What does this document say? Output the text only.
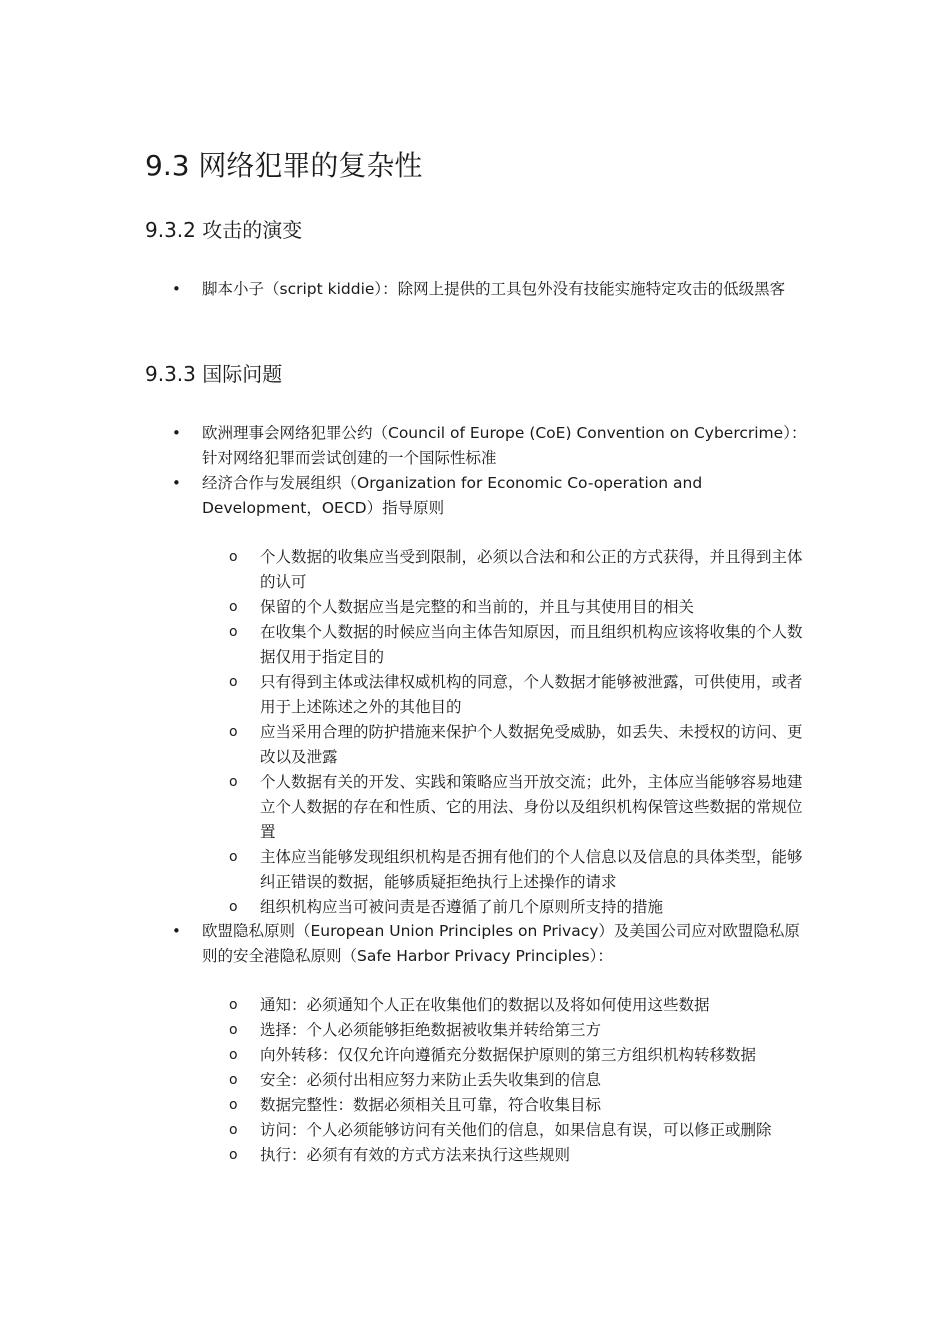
9.3 网络犯罪的复杂性
9.3.2 攻击的演变
• 脚本小子（script kiddie）：除网上提供的工具包外没有技能实施特定攻击的低级黑客
9.3.3 国际问题
• 欧洲理事会网络犯罪公约（Council of Europe (CoE) Convention on Cybercrime）：针对网络犯罪而尝试创建的一个国际性标准
• 经济合作与发展组织（Organization for Economic Co-operation and Development，OECD）指导原则
o 个人数据的收集应当受到限制，必须以合法和和公正的方式获得，并且得到主体的认可
o 保留的个人数据应当是完整的和当前的，并且与其使用目的相关
o 在收集个人数据的时候应当向主体告知原因，而且组织机构应该将收集的个人数据仅用于指定目的
o 只有得到主体或法律权威机构的同意，个人数据才能够被泄露，可供使用，或者用于上述陈述之外的其他目的
o 应当采用合理的防护措施来保护个人数据免受威胁，如丢失、未授权的访问、更改以及泄露
o 个人数据有关的开发、实践和策略应当开放交流；此外，主体应当能够容易地建立个人数据的存在和性质、它的用法、身份以及组织机构保管这些数据的常规位置
o 主体应当能够发现组织机构是否拥有他们的个人信息以及信息的具体类型，能够纠正错误的数据，能够质疑拒绝执行上述操作的请求
o 组织机构应当可被问责是否遵循了前几个原则所支持的措施
• 欧盟隐私原则（European Union Principles on Privacy）及美国公司应对欧盟隐私原则的安全港隐私原则（Safe Harbor Privacy Principles）：
o 通知：必须通知个人正在收集他们的数据以及将如何使用这些数据
o 选择：个人必须能够拒绝数据被收集并转给第三方
o 向外转移：仅仅允许向遵循充分数据保护原则的第三方组织机构转移数据
o 安全：必须付出相应努力来防止丢失收集到的信息
o 数据完整性：数据必须相关且可靠，符合收集目标
o 访问：个人必须能够访问有关他们的信息，如果信息有误，可以修正或删除
o 执行：必须有有效的方式方法来执行这些规则
